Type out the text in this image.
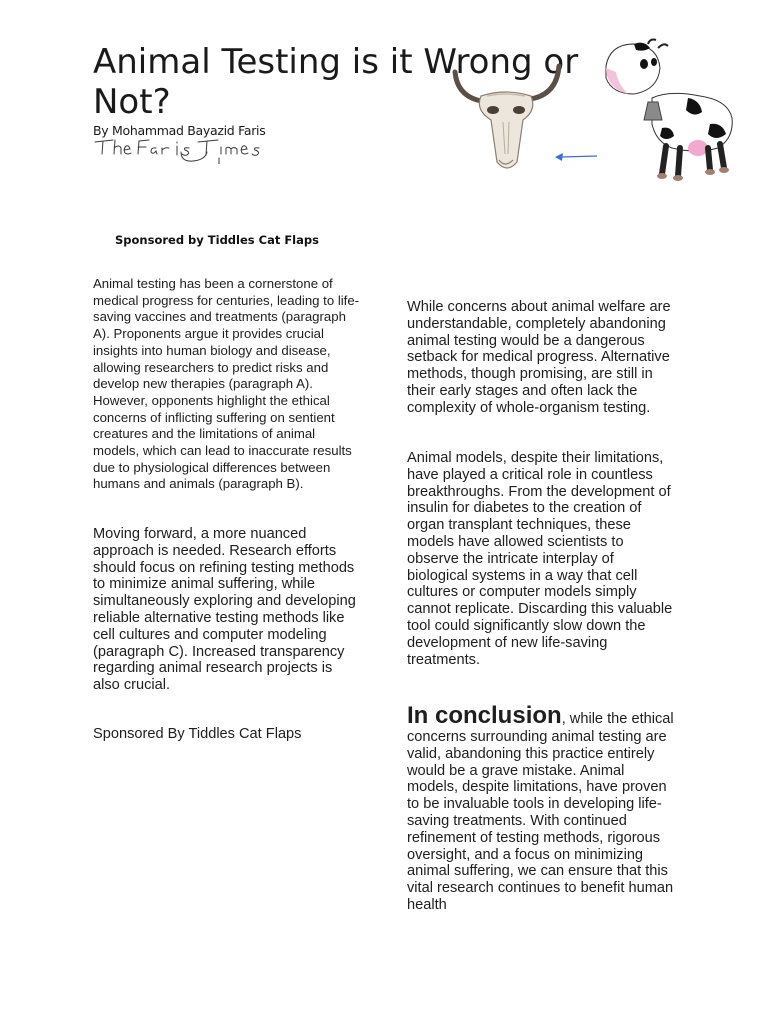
Animal Testing is it Wrong or Not?
By Mohammad Bayazid Faris
Sponsored by Tiddles Cat Flaps

Animal testing has been a cornerstone of medical progress for centuries, leading to life-saving vaccines and treatments (paragraph A). Proponents argue it provides crucial insights into human biology and disease, allowing researchers to predict risks and develop new therapies (paragraph A). However, opponents highlight the ethical concerns of inflicting suffering on sentient creatures and the limitations of animal models, which can lead to inaccurate results due to physiological differences between humans and animals (paragraph B).

Moving forward, a more nuanced approach is needed. Research efforts should focus on refining testing methods to minimize animal suffering, while simultaneously exploring and developing reliable alternative testing methods like cell cultures and computer modeling (paragraph C). Increased transparency regarding animal research projects is also crucial.

Sponsored By Tiddles Cat Flaps

While concerns about animal welfare are understandable, completely abandoning animal testing would be a dangerous setback for medical progress. Alternative methods, though promising, are still in their early stages and often lack the complexity of whole-organism testing.

Animal models, despite their limitations, have played a critical role in countless breakthroughs. From the development of insulin for diabetes to the creation of organ transplant techniques, these models have allowed scientists to observe the intricate interplay of biological systems in a way that cell cultures or computer models simply cannot replicate. Discarding this valuable tool could significantly slow down the development of new life-saving treatments.

In conclusion, while the ethical concerns surrounding animal testing are valid, abandoning this practice entirely would be a grave mistake. Animal models, despite limitations, have proven to be invaluable tools in developing life-saving treatments. With continued refinement of testing methods, rigorous oversight, and a focus on minimizing animal suffering, we can ensure that this vital research continues to benefit human health
